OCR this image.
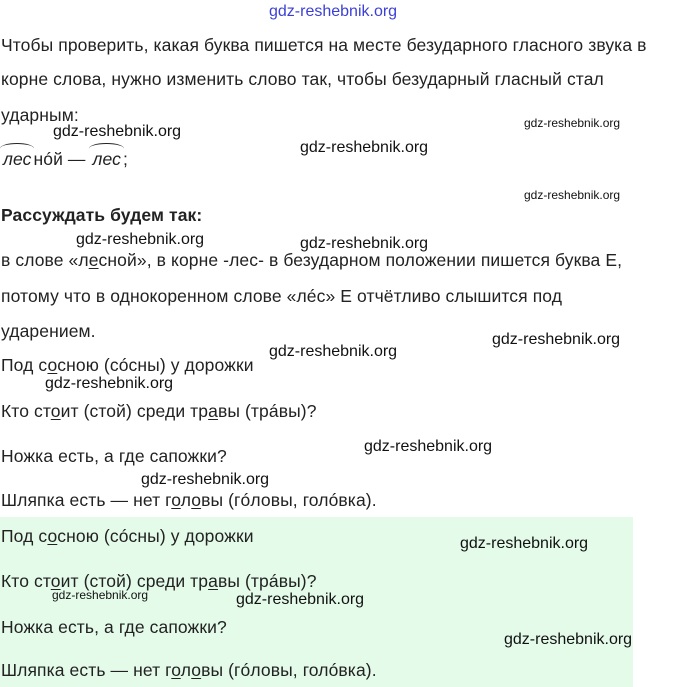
gdz-reshebnik.org
Чтобы проверить, какая буква пишется на месте безударного гласного звука в
корне слова, нужно изменить слово так, чтобы безударный гласный стал
ударным:
лес нóй — лес ;
Рассуждать будем так:
в слове «лесной», в корне -лес- в безударном положении пишется буква Е,
потому что в однокоренном слове «лéс» Е отчётливо слышится под
ударением.
Под сосною (сóсны) у дорожки
Кто стоит (стой) среди травы (трáвы)?
Ножка есть, а где сапожки?
Шляпка есть — нет головы (гóловы, голóвка).
Под сосною (сóсны) у дорожки
Кто стоит (стой) среди травы (трáвы)?
Ножка есть, а где сапожки?
Шляпка есть — нет головы (гóловы, голóвка).
gdz-reshebnik.org	gdz-reshebnik.org
gdz-reshebnik.org
gdz-reshebnik.org
gdz-reshebnik.org	gdz-reshebnik.org
gdz-reshebnik.org
gdz-reshebnik.org
gdz-reshebnik.org
gdz-reshebnik.org
gdz-reshebnik.org
gdz-reshebnik.org
gdz-reshebnik.org	gdz-reshebnik.org
gdz-reshebnik.org
